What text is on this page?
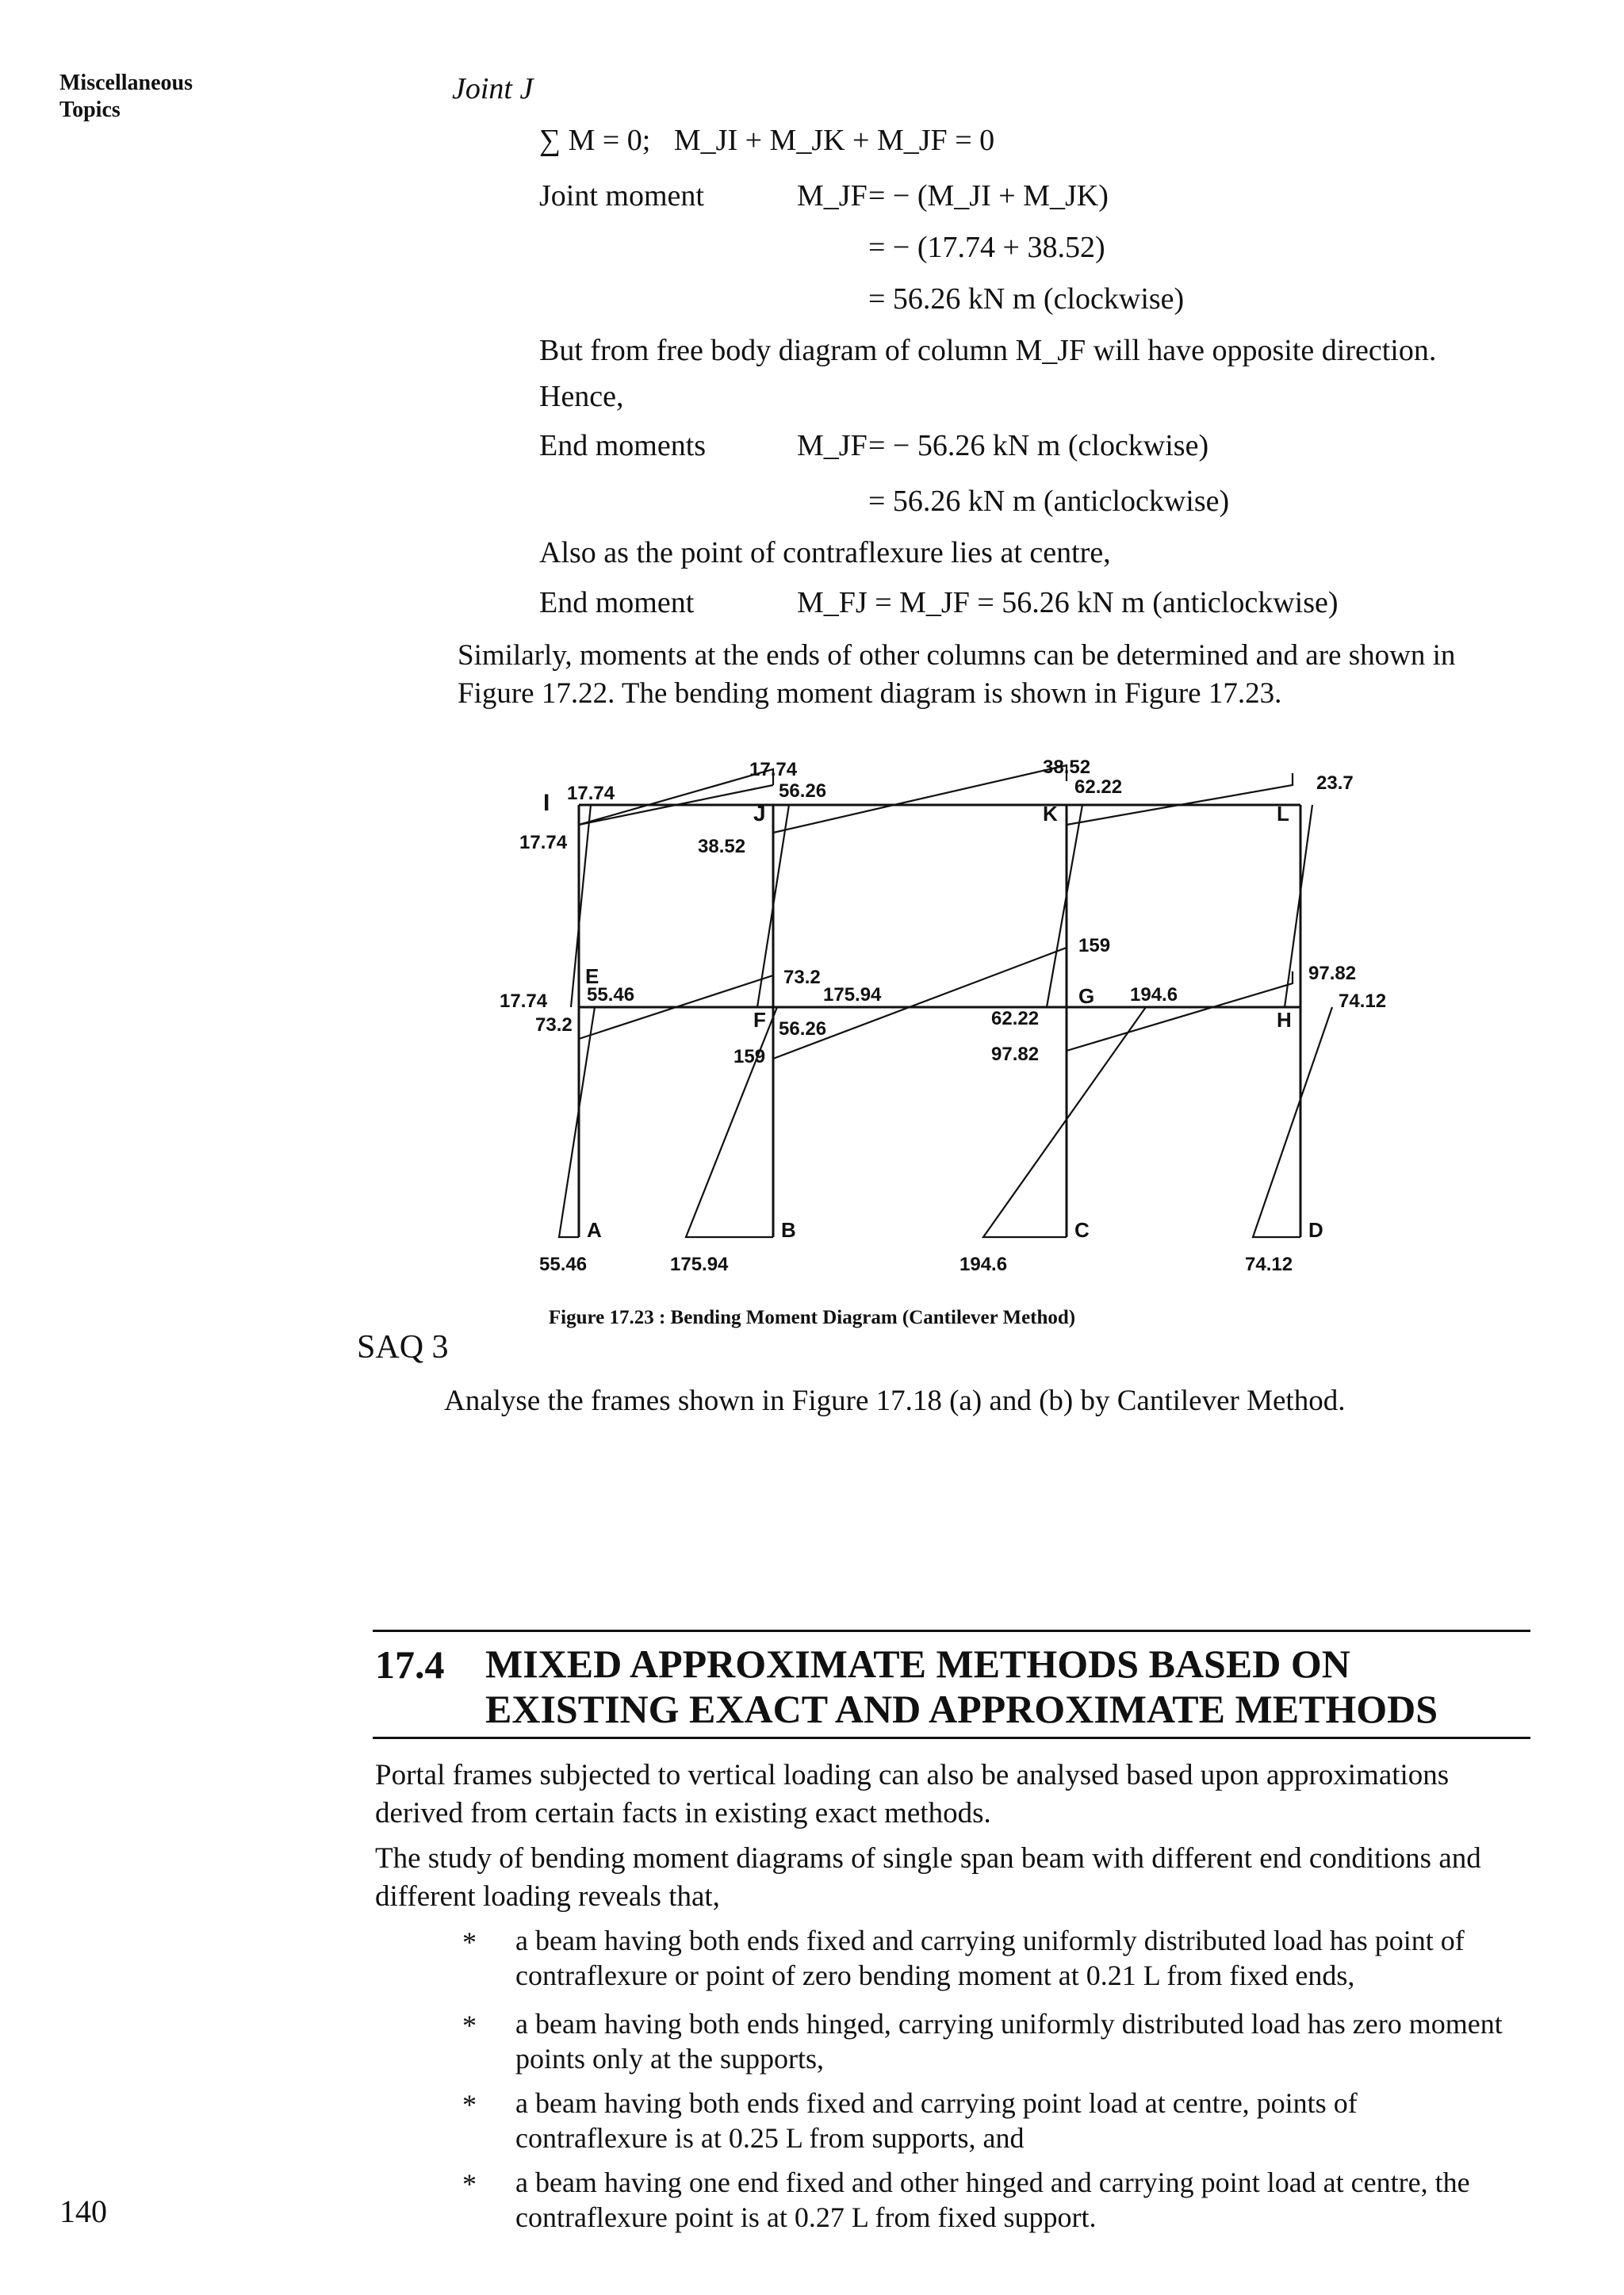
Miscellaneous
Topics
Joint J
∑ M = 0; M_JI + M_JK + M_JF = 0
Joint moment	M_JF = − (M_JI + M_JK)
= − (17.74 + 38.52)
= 56.26 kN m (clockwise)
But from free body diagram of column M_JF will have opposite direction.
Hence,
End moments	M_JF = − 56.26 kN m (clockwise)
= 56.26 kN m (anticlockwise)
Also as the point of contraflexure lies at centre,
End moment	M_FJ = M_JF = 56.26 kN m (anticlockwise)
Similarly, moments at the ends of other columns can be determined and are shown in Figure 17.22. The bending moment diagram is shown in Figure 17.23.
I 17.74
17.74
17.74
56.26
J
38.52
38.52
62.22
K
23.7
L
E
17.74 55.46
73.2
73.2
175.94
F 56.26
159
159
G 194.6
62.22
97.82
H
97.82
74.12
A	B	C	D
55.46	175.94	194.6	74.12
Figure 17.23 : Bending Moment Diagram (Cantilever Method)
SAQ 3
Analyse the frames shown in Figure 17.18 (a) and (b) by Cantilever Method.
17.4 MIXED APPROXIMATE METHODS BASED ON EXISTING EXACT AND APPROXIMATE METHODS
Portal frames subjected to vertical loading can also be analysed based upon approximations derived from certain facts in existing exact methods.
The study of bending moment diagrams of single span beam with different end conditions and different loading reveals that,
* a beam having both ends fixed and carrying uniformly distributed load has point of contraflexure or point of zero bending moment at 0.21 L from fixed ends,
* a beam having both ends hinged, carrying uniformly distributed load has zero moment points only at the supports,
* a beam having both ends fixed and carrying point load at centre, points of contraflexure is at 0.25 L from supports, and
* a beam having one end fixed and other hinged and carrying point load at centre, the contraflexure point is at 0.27 L from fixed support.
140
